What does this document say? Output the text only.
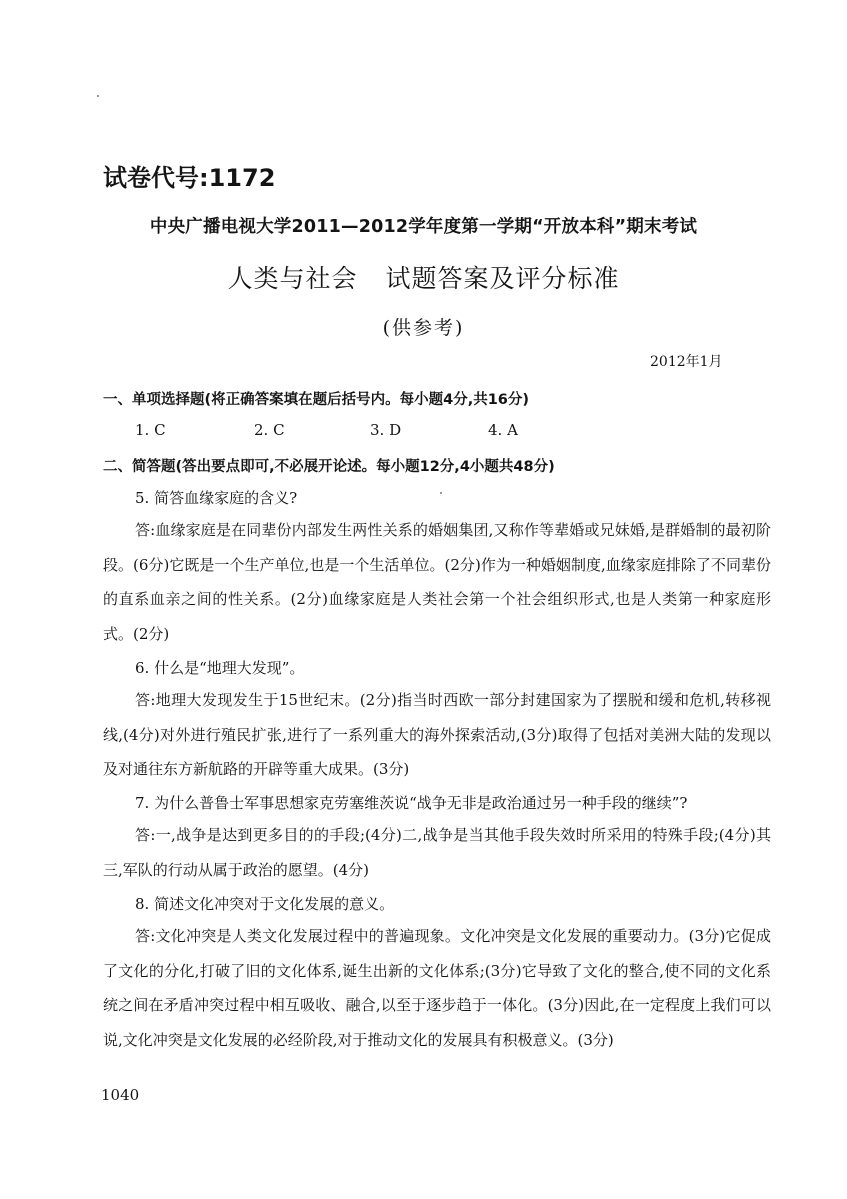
试卷代号:1172
中央广播电视大学2011—2012学年度第一学期“开放本科”期末考试
人类与社会 试题答案及评分标准
(供参考)
2012年1月
一、单项选择题(将正确答案填在题后括号内。每小题4分,共16分)
1. C	2. C	3. D	4. A
二、简答题(答出要点即可,不必展开论述。每小题12分,4小题共48分)
5. 简答血缘家庭的含义?
答:血缘家庭是在同辈份内部发生两性关系的婚姻集团,又称作等辈婚或兄妹婚,是群婚制的最初阶段。(6分)它既是一个生产单位,也是一个生活单位。(2分)作为一种婚姻制度,血缘家庭排除了不同辈份的直系血亲之间的性关系。(2分)血缘家庭是人类社会第一个社会组织形式,也是人类第一种家庭形式。(2分)
6. 什么是“地理大发现”。
答:地理大发现发生于15世纪末。(2分)指当时西欧一部分封建国家为了摆脱和缓和危机,转移视线,(4分)对外进行殖民扩张,进行了一系列重大的海外探索活动,(3分)取得了包括对美洲大陆的发现以及对通往东方新航路的开辟等重大成果。(3分)
7. 为什么普鲁士军事思想家克劳塞维茨说“战争无非是政治通过另一种手段的继续”?
答:一,战争是达到更多目的的手段;(4分)二,战争是当其他手段失效时所采用的特殊手段;(4分)其三,军队的行动从属于政治的愿望。(4分)
8. 简述文化冲突对于文化发展的意义。
答:文化冲突是人类文化发展过程中的普遍现象。文化冲突是文化发展的重要动力。(3分)它促成了文化的分化,打破了旧的文化体系,诞生出新的文化体系;(3分)它导致了文化的整合,使不同的文化系统之间在矛盾冲突过程中相互吸收、融合,以至于逐步趋于一体化。(3分)因此,在一定程度上我们可以说,文化冲突是文化发展的必经阶段,对于推动文化的发展具有积极意义。(3分)
1040
